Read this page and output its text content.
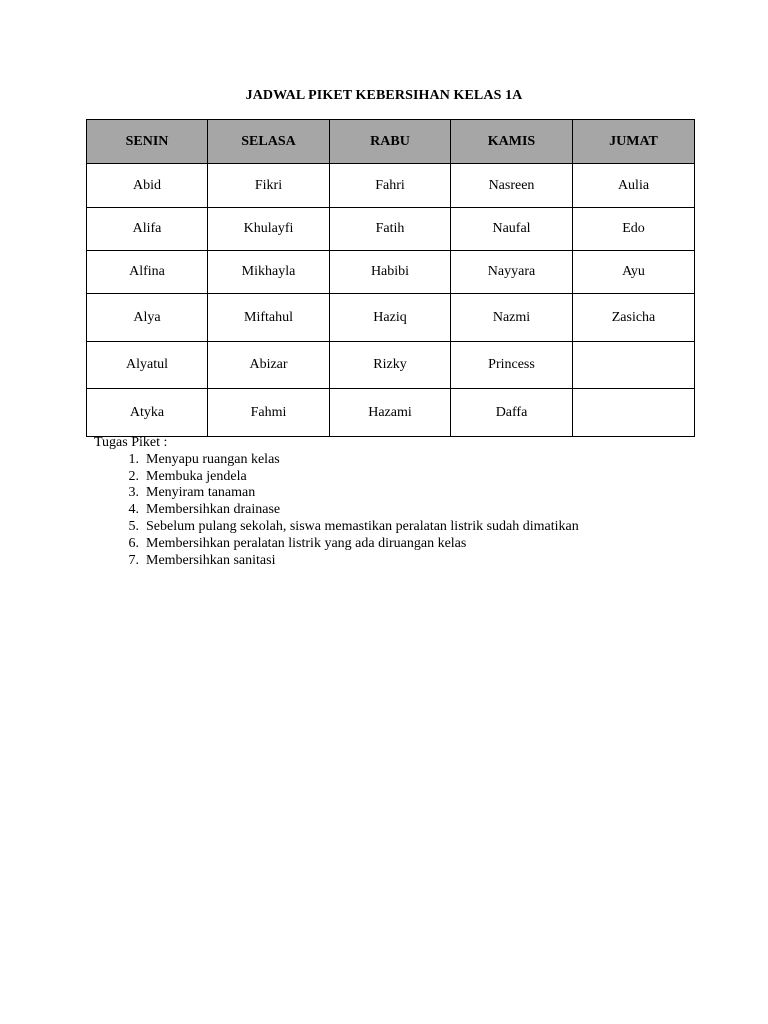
JADWAL PIKET KEBERSIHAN KELAS 1A
SENIN	SELASA	RABU	KAMIS	JUMAT
Abid	Fikri	Fahri	Nasreen	Aulia
Alifa	Khulayfi	Fatih	Naufal	Edo
Alfina	Mikhayla	Habibi	Nayyara	Ayu
Alya	Miftahul	Haziq	Nazmi	Zasicha
Alyatul	Abizar	Rizky	Princess	
Atyka	Fahmi	Hazami	Daffa	

Tugas Piket :

1. Menyapu ruangan kelas
2. Membuka jendela
3. Menyiram tanaman
4. Membersihkan drainase
5. Sebelum pulang sekolah, siswa memastikan peralatan listrik sudah dimatikan
6. Membersihkan peralatan listrik yang ada diruangan kelas
7. Membersihkan sanitasi
